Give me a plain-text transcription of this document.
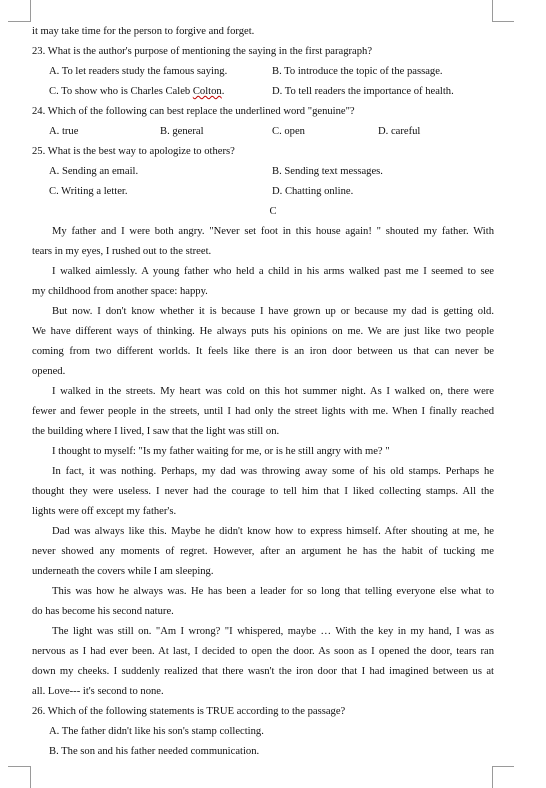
it may take time for the person to forgive and forget.
23. What is the author's purpose of mentioning the saying in the first paragraph?
A. To let readers study the famous saying.	B. To introduce the topic of the passage.
C. To show who is Charles Caleb Colton.	D. To tell readers the importance of health.
24. Which of the following can best replace the underlined word "genuine"?
A. true	B. general	C. open	D. careful
25. What is the best way to apologize to others?
A. Sending an email.	B. Sending text messages.
C. Writing a letter.	D. Chatting online.
C
My father and I were both angry. "Never set foot in this house again! " shouted my father. With
tears in my eyes, I rushed out to the street.
I walked aimlessly. A young father who held a child in his arms walked past me I seemed to see
my childhood from another space: happy.
But now. I don't know whether it is because I have grown up or because my dad is getting old.
We have different ways of thinking. He always puts his opinions on me. We are just like two people
coming from two different worlds. It feels like there is an iron door between us that can never be
opened.
I walked in the streets. My heart was cold on this hot summer night. As I walked on, there were
fewer and fewer people in the streets, until I had only the street lights with me. When I finally reached
the building where I lived, I saw that the light was still on.
I thought to myself: "Is my father waiting for me, or is he still angry with me? "
In fact, it was nothing. Perhaps, my dad was throwing away some of his old stamps. Perhaps he
thought they were useless. I never had the courage to tell him that I liked collecting stamps. All the
lights were off except my father's.
Dad was always like this. Maybe he didn't know how to express himself. After shouting at me, he
never showed any moments of regret. However, after an argument he has the habit of tucking me
underneath the covers while I am sleeping.
This was how he always was. He has been a leader for so long that telling everyone else what to
do has become his second nature.
The light was still on. "Am I wrong? "I whispered, maybe … With the key in my hand, I was as
nervous as I had ever been. At last, I decided to open the door. As soon as I opened the door, tears ran
down my cheeks. I suddenly realized that there wasn't the iron door that I had imagined between us at
all. Love--- it's second to none.
26. Which of the following statements is TRUE according to the passage?
A. The father didn't like his son's stamp collecting.
B. The son and his father needed communication.
